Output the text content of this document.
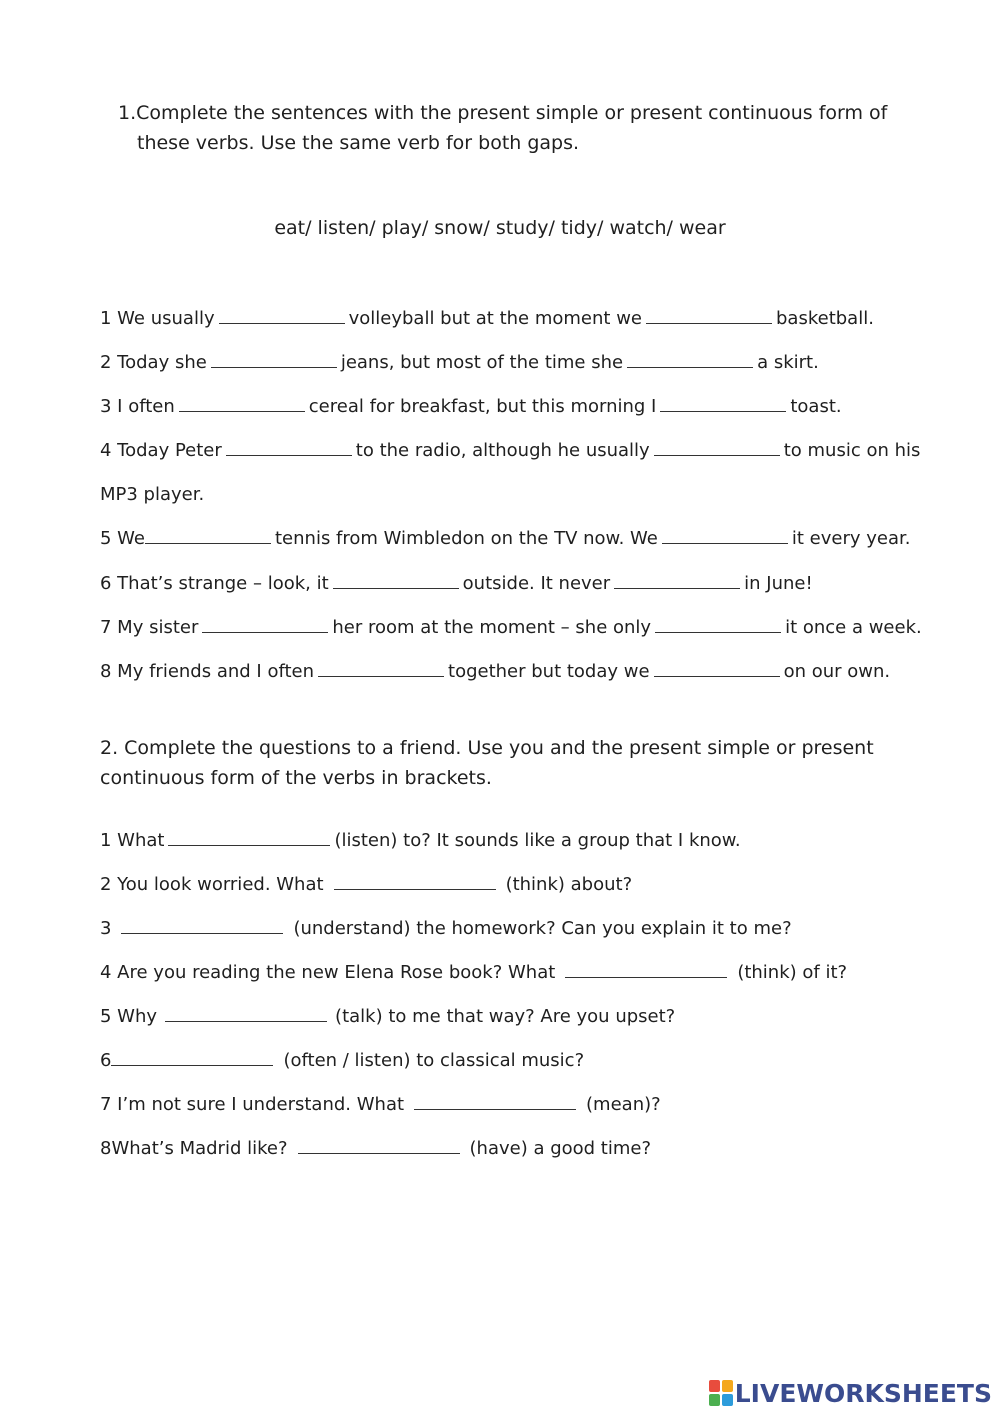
1.Complete the sentences with the present simple or present continuous form of
these verbs. Use the same verb for both gaps.
eat/ listen/ play/ snow/ study/ tidy/ watch/ wear
1 We usually	volleyball but at the moment we	basketball.
2 Today she	jeans, but most of the time she	a skirt.
3 I often	cereal for breakfast, but this morning I	toast.
4 Today Peter	to the radio, although he usually	to music on his
MP3 player.
5 We	tennis from Wimbledon on the TV now. We	it every year.
6 That’s strange – look, it	outside. It never	in June!
7 My sister	her room at the moment – she only	it once a week.
8 My friends and I often	together but today we	on our own.
2. Complete the questions to a friend. Use you and the present simple or present
continuous form of the verbs in brackets.
1 What	(listen) to? It sounds like a group that I know.
2 You look worried. What	(think) about?
3	(understand) the homework? Can you explain it to me?
4 Are you reading the new Elena Rose book? What	(think) of it?
5 Why	(talk) to me that way? Are you upset?
6	(often / listen) to classical music?
7 I’m not sure I understand. What	(mean)?
8What’s Madrid like?	(have) a good time?
LIVEWORKSHEETS
